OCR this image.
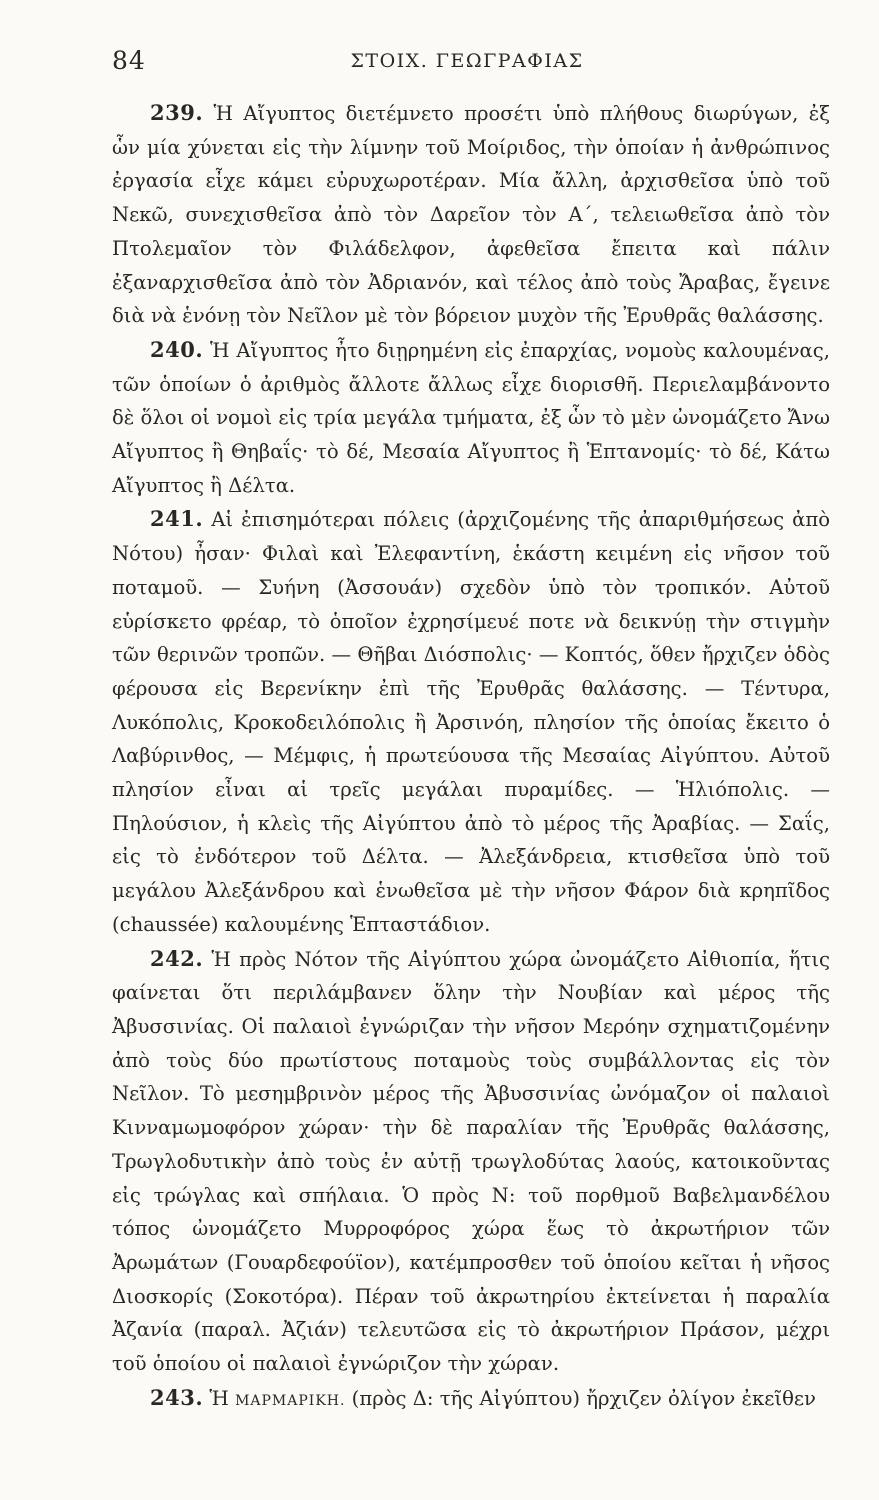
84	ΣΤΟΙΧ. ΓΕΩΓΡΑΦΙΑΣ

239. Ἡ Αἴγυπτος διετέμνετο προσέτι ὑπὸ πλήθους διωρύγων, ἐξ ὧν μία χύνεται εἰς τὴν λίμνην τοῦ Μοίριδος, τὴν ὁποίαν ἡ ἀνθρώπινος ἐργασία εἶχε κάμει εὐρυχωροτέραν. Μία ἄλλη, ἀρχισθεῖσα ὑπὸ τοῦ Νεκῶ, συνεχισθεῖσα ἀπὸ τὸν Δαρεῖον τὸν Α΄, τελειωθεῖσα ἀπὸ τὸν Πτολεμαῖον τὸν Φιλάδελφον, ἀφεθεῖσα ἔπειτα καὶ πάλιν ἐξαναρχισθεῖσα ἀπὸ τὸν Ἀδριανόν, καὶ τέλος ἀπὸ τοὺς Ἄραβας, ἔγεινε διὰ νὰ ἑνόνῃ τὸν Νεῖλον μὲ τὸν βόρειον μυχὸν τῆς Ἐρυθρᾶς θαλάσσης.

240. Ἡ Αἴγυπτος ἦτο διῃρημένη εἰς ἐπαρχίας, νομοὺς καλουμένας, τῶν ὁποίων ὁ ἀριθμὸς ἄλλοτε ἄλλως εἶχε διορισθῆ. Περιελαμβάνοντο δὲ ὅλοι οἱ νομοὶ εἰς τρία μεγάλα τμήματα, ἐξ ὧν τὸ μὲν ὠνομάζετο Ἄνω Αἴγυπτος ἢ Θηβαΐς· τὸ δέ, Μεσαία Αἴγυπτος ἢ Ἑπτανομίς· τὸ δέ, Κάτω Αἴγυπτος ἢ Δέλτα.

241. Αἱ ἐπισημότεραι πόλεις (ἀρχιζομένης τῆς ἀπαριθμήσεως ἀπὸ Νότου) ἦσαν· Φιλαὶ καὶ Ἐλεφαντίνη, ἑκάστη κειμένη εἰς νῆσον τοῦ ποταμοῦ. — Συήνη (Ἀσσουάν) σχεδὸν ὑπὸ τὸν τροπικόν. Αὐτοῦ εὑρίσκετο φρέαρ, τὸ ὁποῖον ἐχρησίμευέ ποτε νὰ δεικνύῃ τὴν στιγμὴν τῶν θερινῶν τροπῶν. — Θῆβαι Διόσπολις· — Κοπτός, ὅθεν ἤρχιζεν ὁδὸς φέρουσα εἰς Βερενίκην ἐπὶ τῆς Ἐρυθρᾶς θαλάσσης. — Τέντυρα, Λυκόπολις, Κροκοδειλόπολις ἢ Ἀρσινόη, πλησίον τῆς ὁποίας ἔκειτο ὁ Λαβύρινθος, — Μέμφις, ἡ πρωτεύουσα τῆς Μεσαίας Αἰγύπτου. Αὐτοῦ πλησίον εἶναι αἱ τρεῖς μεγάλαι πυραμίδες. — Ἡλιόπολις. — Πηλούσιον, ἡ κλεὶς τῆς Αἰγύπτου ἀπὸ τὸ μέρος τῆς Ἀραβίας. — Σαΐς, εἰς τὸ ἐνδότερον τοῦ Δέλτα. — Ἀλεξάνδρεια, κτισθεῖσα ὑπὸ τοῦ μεγάλου Ἀλεξάνδρου καὶ ἑνωθεῖσα μὲ τὴν νῆσον Φάρον διὰ κρηπῖδος (chaussée) καλουμένης Ἑπταστάδιον.

242. Ἡ πρὸς Νότον τῆς Αἰγύπτου χώρα ὠνομάζετο Αἰθιοπία, ἥτις φαίνεται ὅτι περιλάμβανεν ὅλην τὴν Νουβίαν καὶ μέρος τῆς Ἀβυσσινίας. Οἱ παλαιοὶ ἐγνώριζαν τὴν νῆσον Μερόην σχηματιζομένην ἀπὸ τοὺς δύο πρωτίστους ποταμοὺς τοὺς συμβάλλοντας εἰς τὸν Νεῖλον. Τὸ μεσημβρινὸν μέρος τῆς Ἀβυσσινίας ὠνόμαζον οἱ παλαιοὶ Κινναμωμοφόρον χώραν· τὴν δὲ παραλίαν τῆς Ἐρυθρᾶς θαλάσσης, Τρωγλοδυτικὴν ἀπὸ τοὺς ἐν αὐτῇ τρωγλοδύτας λαούς, κατοικοῦντας εἰς τρώγλας καὶ σπήλαια. Ὁ πρὸς Ν: τοῦ πορθμοῦ Βαβελμανδέλου τόπος ὠνομάζετο Μυρροφόρος χώρα ἕως τὸ ἀκρωτήριον τῶν Ἀρωμάτων (Γουαρδεφούϊον), κατέμπροσθεν τοῦ ὁποίου κεῖται ἡ νῆσος Διοσκορίς (Σοκοτόρα). Πέραν τοῦ ἀκρωτηρίου ἐκτείνεται ἡ παραλία Ἀζανία (παραλ. Ἀζιάν) τελευτῶσα εἰς τὸ ἀκρωτήριον Πράσον, μέχρι τοῦ ὁποίου οἱ παλαιοὶ ἐγνώριζον τὴν χώραν.

243. Ἡ ΜΑΡΜΑΡΙΚΗ. (πρὸς Δ: τῆς Αἰγύπτου) ἤρχιζεν ὀλίγον ἐκεῖθεν
